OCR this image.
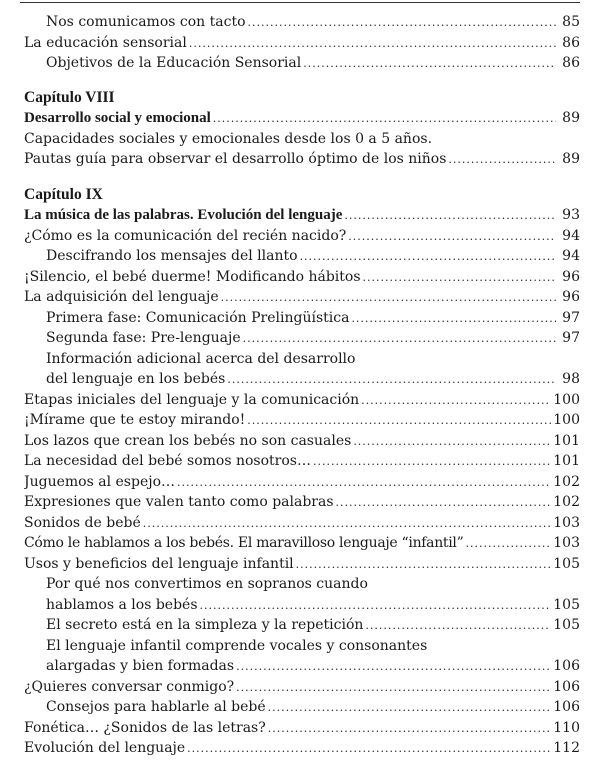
Nos comunicamos con tacto .....	85
La educación sensorial .....	86
Objetivos de la Educación Sensorial .....	86
Capítulo VIII
Desarrollo social y emocional .....	89
Capacidades sociales y emocionales desde los 0 a 5 años.
Pautas guía para observar el desarrollo óptimo de los niños .....	89
Capítulo IX
La música de las palabras. Evolución del lenguaje .....	93
¿Cómo es la comunicación del recién nacido? .....	94
Descifrando los mensajes del llanto .....	94
¡Silencio, el bebé duerme! Modificando hábitos .....	96
La adquisición del lenguaje .....	96
Primera fase: Comunicación Prelingüística .....	97
Segunda fase: Pre-lenguaje .....	97
Información adicional acerca del desarrollo
del lenguaje en los bebés .....	98
Etapas iniciales del lenguaje y la comunicación .....	100
¡Mírame que te estoy mirando! .....	100
Los lazos que crean los bebés no son casuales .....	101
La necesidad del bebé somos nosotros… .....	101
Juguemos al espejo… .....	102
Expresiones que valen tanto como palabras .....	102
Sonidos de bebé .....	103
Cómo le hablamos a los bebés. El maravilloso lenguaje “infantil” .....	103
Usos y beneficios del lenguaje infantil .....	105
Por qué nos convertimos en sopranos cuando
hablamos a los bebés .....	105
El secreto está en la simpleza y la repetición .....	105
El lenguaje infantil comprende vocales y consonantes
alargadas y bien formadas .....	106
¿Quieres conversar conmigo? .....	106
Consejos para hablarle al bebé .....	106
Fonética… ¿Sonidos de las letras? .....	110
Evolución del lenguaje .....	112
